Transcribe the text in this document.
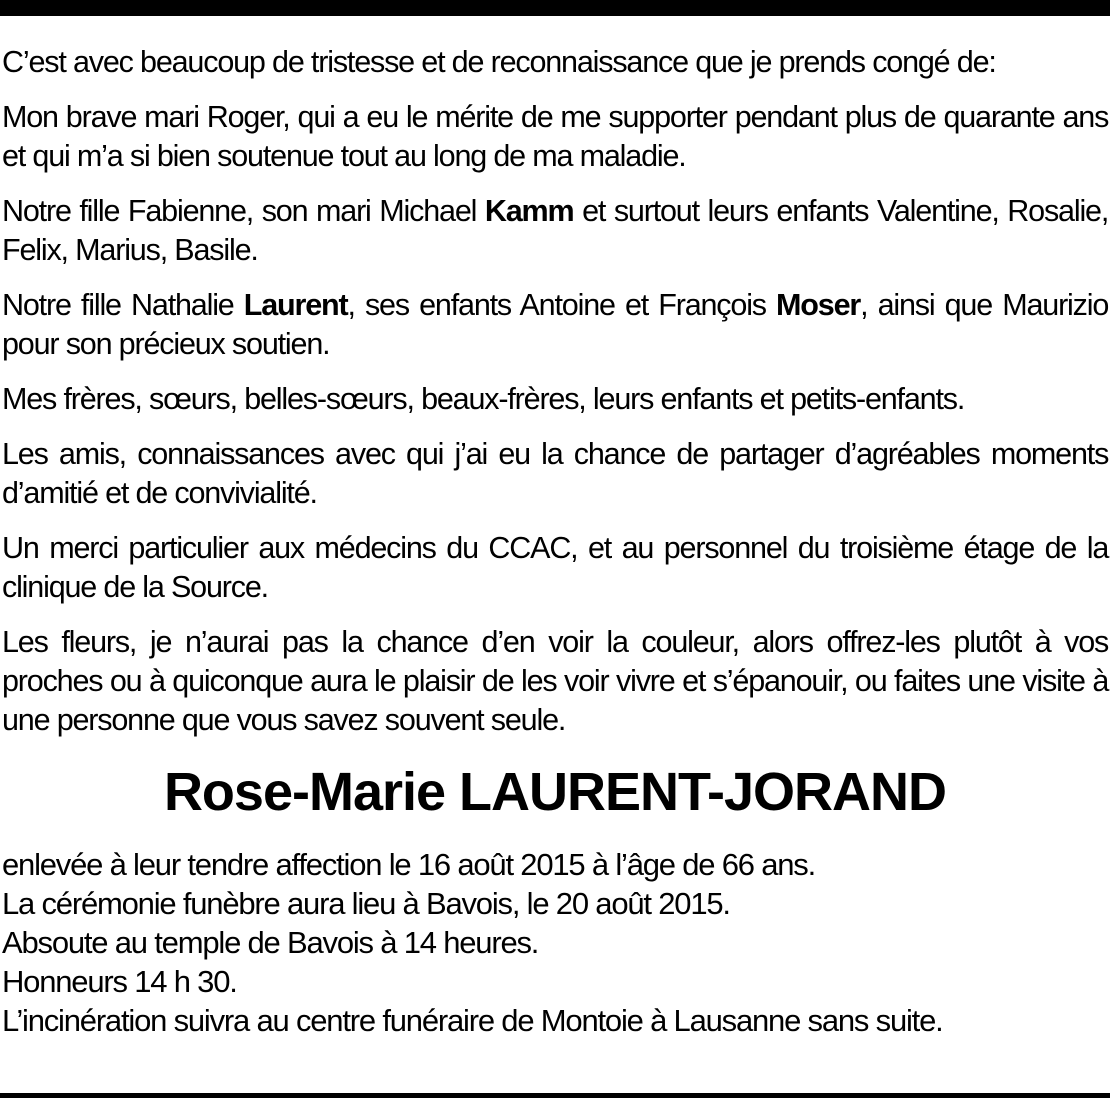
C’est avec beaucoup de tristesse et de reconnaissance que je prends congé de:

Mon brave mari Roger, qui a eu le mérite de me supporter pendant plus de quarante ans et qui m’a si bien soutenue tout au long de ma maladie.

Notre fille Fabienne, son mari Michael Kamm et surtout leurs enfants Valentine, Rosalie, Felix, Marius, Basile.

Notre fille Nathalie Laurent, ses enfants Antoine et François Moser, ainsi que Maurizio pour son précieux soutien.

Mes frères, sœurs, belles-sœurs, beaux-frères, leurs enfants et petits-enfants.

Les amis, connaissances avec qui j’ai eu la chance de partager d’agréables moments d’amitié et de convivialité.

Un merci particulier aux médecins du CCAC, et au personnel du troisième étage de la clinique de la Source.

Les fleurs, je n’aurai pas la chance d’en voir la couleur, alors offrez-les plutôt à vos proches ou à quiconque aura le plaisir de les voir vivre et s’épanouir, ou faites une visite à une personne que vous savez souvent seule.

Rose-Marie LAURENT-JORAND
enlevée à leur tendre affection le 16 août 2015 à l’âge de 66 ans.
La cérémonie funèbre aura lieu à Bavois, le 20 août 2015.
Absoute au temple de Bavois à 14 heures.
Honneurs 14 h 30.
L’incinération suivra au centre funéraire de Montoie à Lausanne sans suite.
